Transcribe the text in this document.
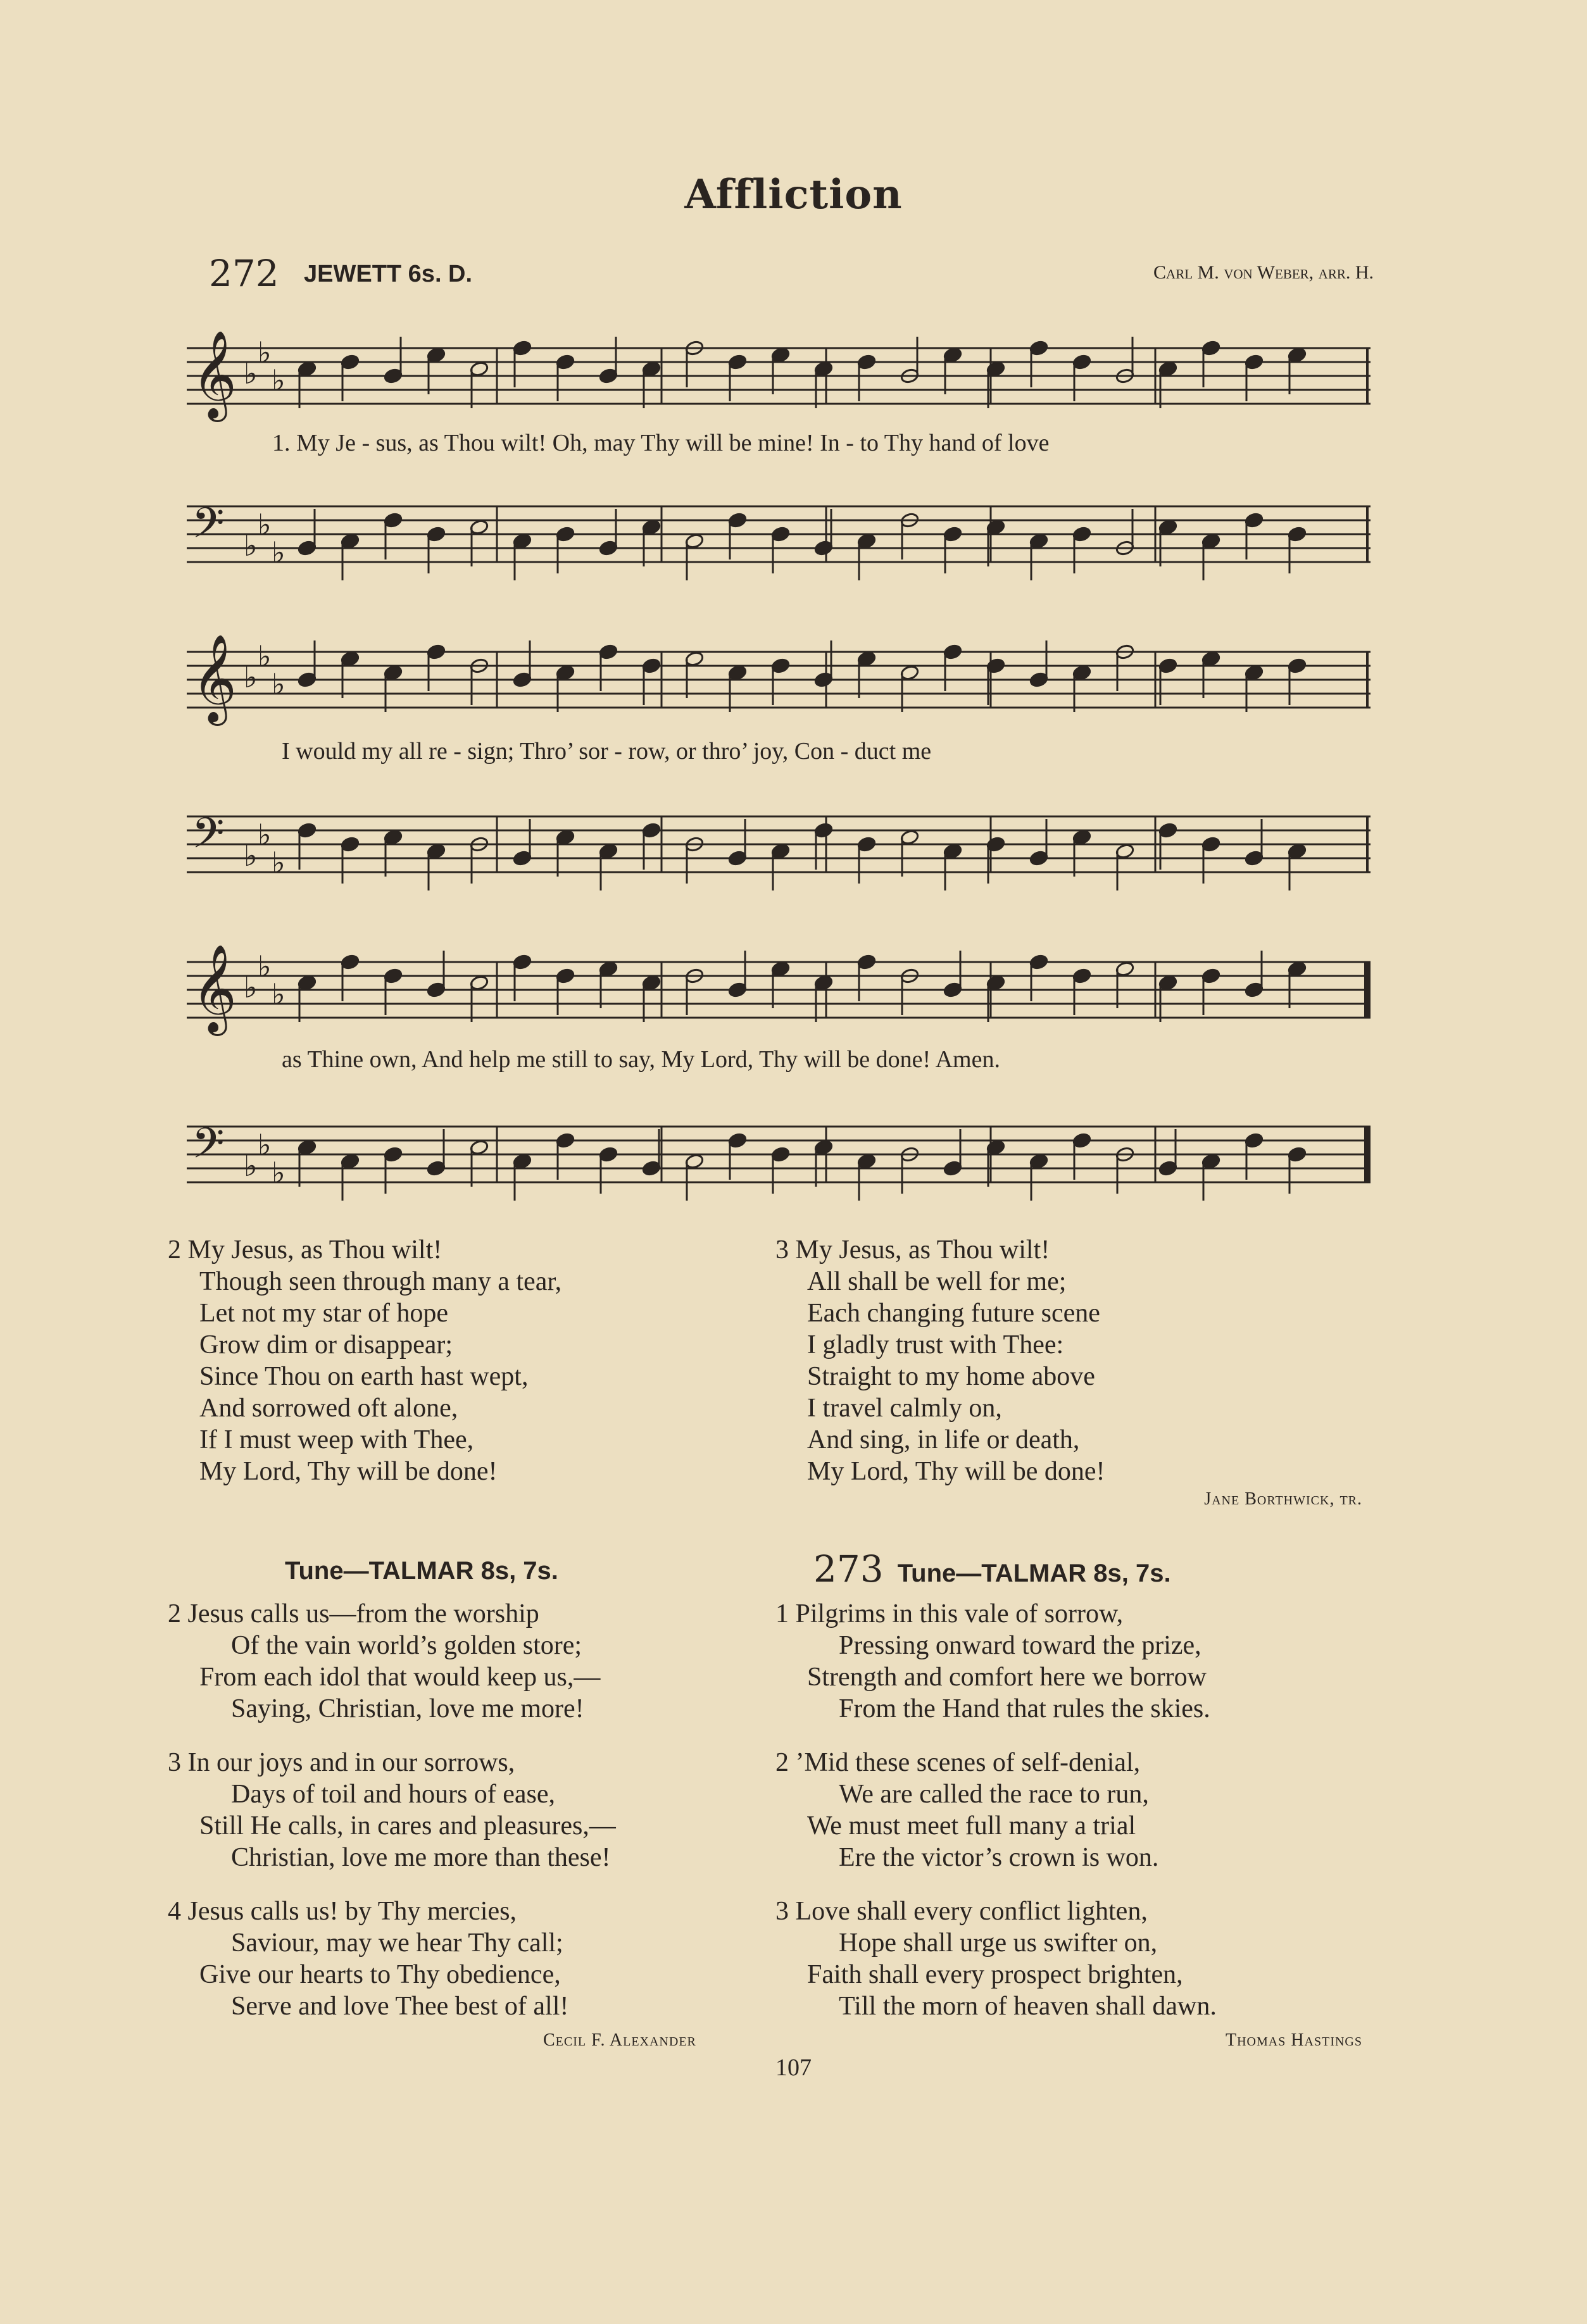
Affliction
272 JEWETT 6s. D.	Carl M. von Weber, arr. H.
𝄞 ♭
♭
♭
𝄢 ♭
♭
♭
1. My Je - sus, as Thou wilt! Oh, may Thy will be mine! In - to Thy hand of love
𝄞 ♭
♭
♭
𝄢 ♭
♭
♭
I would my all re - sign; Thro’ sor - row, or thro’ joy, Con - duct me
𝄞 ♭
♭
♭
𝄢 ♭
♭
♭
as Thine own, And help me still to say, My Lord, Thy will be done! Amen.
2 My Jesus, as Thou wilt!
Though seen through many a tear,
Let not my star of hope
Grow dim or disappear;
Since Thou on earth hast wept,
And sorrowed oft alone,
If I must weep with Thee,
My Lord, Thy will be done!
3 My Jesus, as Thou wilt!
All shall be well for me;
Each changing future scene
I gladly trust with Thee:
Straight to my home above
I travel calmly on,
And sing, in life or death,
My Lord, Thy will be done!
Jane Borthwick, tr.
Tune—TALMAR 8s, 7s.
2 Jesus calls us—from the worship
Of the vain world’s golden store;
From each idol that would keep us,—
Saying, Christian, love me more!
3 In our joys and in our sorrows,
Days of toil and hours of ease,
Still He calls, in cares and pleasures,—
Christian, love me more than these!
4 Jesus calls us! by Thy mercies,
Saviour, may we hear Thy call;
Give our hearts to Thy obedience,
Serve and love Thee best of all!
Cecil F. Alexander
273 Tune—TALMAR 8s, 7s.
1 Pilgrims in this vale of sorrow,
Pressing onward toward the prize,
Strength and comfort here we borrow
From the Hand that rules the skies.
2 ’Mid these scenes of self-denial,
We are called the race to run,
We must meet full many a trial
Ere the victor’s crown is won.
3 Love shall every conflict lighten,
Hope shall urge us swifter on,
Faith shall every prospect brighten,
Till the morn of heaven shall dawn.
Thomas Hastings
107
